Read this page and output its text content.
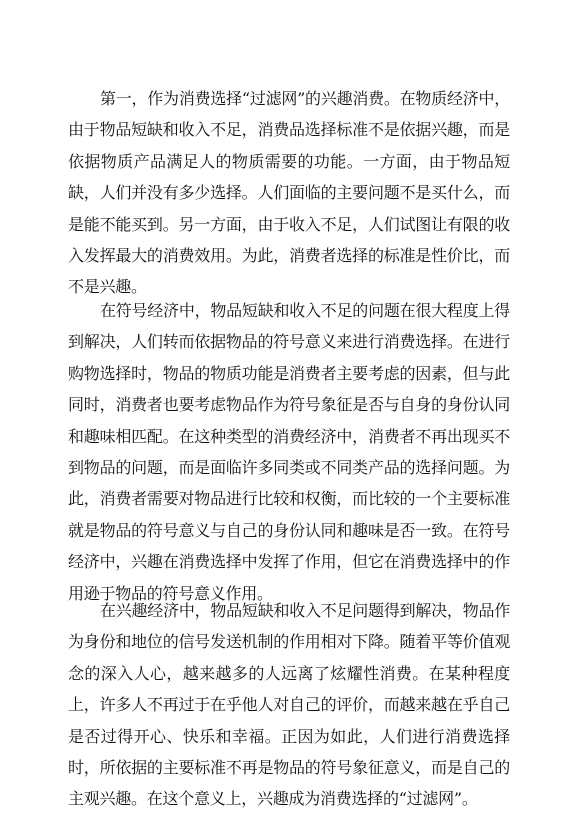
第一，作为消费选择“过滤网”的兴趣消费。在物质经济中，由于物品短缺和收入不足，消费品选择标准不是依据兴趣，而是依据物质产品满足人的物质需要的功能。一方面，由于物品短缺，人们并没有多少选择。人们面临的主要问题不是买什么，而是能不能买到。另一方面，由于收入不足，人们试图让有限的收入发挥最大的消费效用。为此，消费者选择的标准是性价比，而不是兴趣。

在符号经济中，物品短缺和收入不足的问题在很大程度上得到解决，人们转而依据物品的符号意义来进行消费选择。在进行购物选择时，物品的物质功能是消费者主要考虑的因素，但与此同时，消费者也要考虑物品作为符号象征是否与自身的身份认同和趣味相匹配。在这种类型的消费经济中，消费者不再出现买不到物品的问题，而是面临许多同类或不同类产品的选择问题。为此，消费者需要对物品进行比较和权衡，而比较的一个主要标准就是物品的符号意义与自己的身份认同和趣味是否一致。在符号经济中，兴趣在消费选择中发挥了作用，但它在消费选择中的作用逊于物品的符号意义作用。

在兴趣经济中，物品短缺和收入不足问题得到解决，物品作为身份和地位的信号发送机制的作用相对下降。随着平等价值观念的深入人心，越来越多的人远离了炫耀性消费。在某种程度上，许多人不再过于在乎他人对自己的评价，而越来越在乎自己是否过得开心、快乐和幸福。正因为如此，人们进行消费选择时，所依据的主要标准不再是物品的符号象征意义，而是自己的主观兴趣。在这个意义上，兴趣成为消费选择的“过滤网”。
